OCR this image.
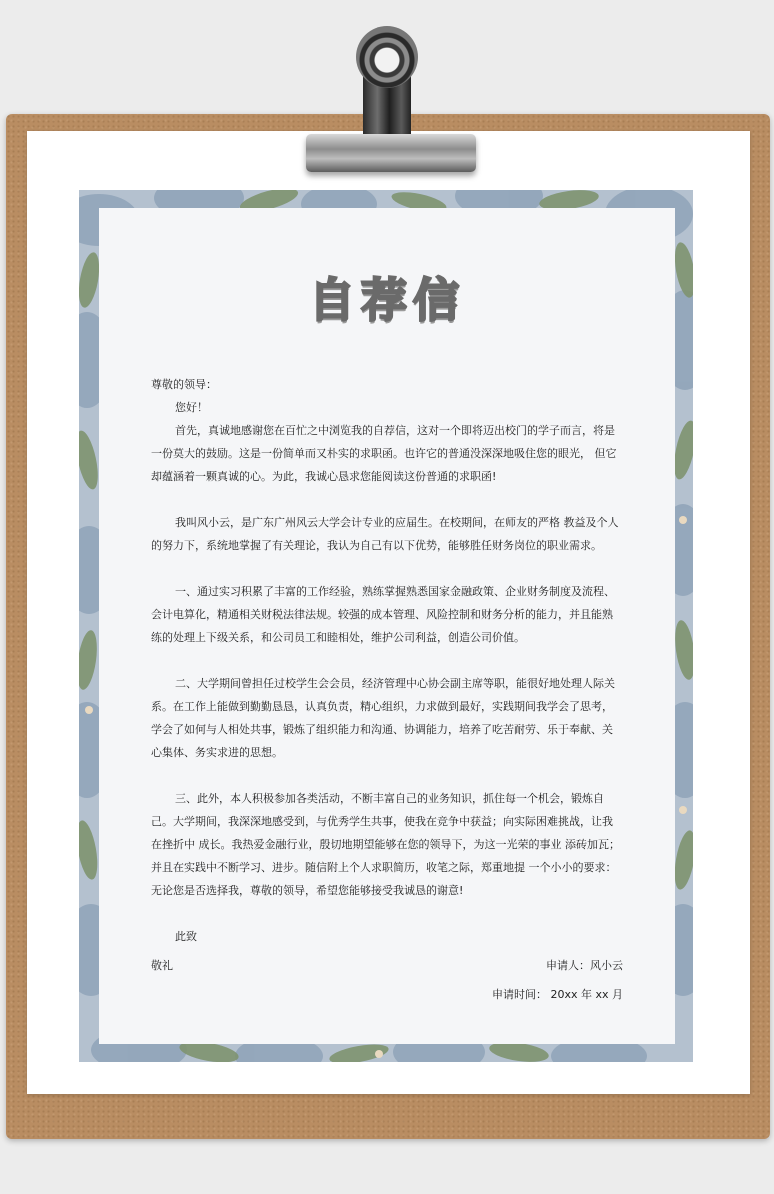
自荐信

尊敬的领导：

您好！

首先，真诚地感谢您在百忙之中浏览我的自荐信，这对一个即将迈出校门的学子而言，将是一份莫大的鼓励。这是一份简单而又朴实的求职函。也许它的普通没深深地吸住您的眼光， 但它却蕴涵着一颗真诚的心。为此，我诚心恳求您能阅读这份普通的求职函!

我叫风小云，是广东广州风云大学会计专业的应届生。在校期间，在师友的严格 教益及个人的努力下，系统地掌握了有关理论，我认为自己有以下优势，能够胜任财务岗位的职业需求。

一、通过实习积累了丰富的工作经验，熟练掌握熟悉国家金融政策、企业财务制度及流程、会计电算化，精通相关财税法律法规。较强的成本管理、风险控制和财务分析的能力，并且能熟练的处理上下级关系，和公司员工和睦相处，维护公司利益，创造公司价值。

二、大学期间曾担任过校学生会会员，经济管理中心协会副主席等职，能很好地处理人际关系。在工作上能做到勤勤恳恳，认真负责，精心组织，力求做到最好，实践期间我学会了思考，学会了如何与人相处共事，锻炼了组织能力和沟通、协调能力，培养了吃苦耐劳、乐于奉献、关心集体、务实求进的思想。

三、此外，本人积极参加各类活动，不断丰富自己的业务知识，抓住每一个机会，锻炼自己。大学期间，我深深地感受到，与优秀学生共事，使我在竞争中获益；向实际困难挑战，让我在挫折中 成长。我热爱金融行业，殷切地期望能够在您的领导下，为这一光荣的事业 添砖加瓦；并且在实践中不断学习、进步。随信附上个人求职简历，收笔之际，郑重地提 一个小小的要求：无论您是否选择我，尊敬的领导，希望您能够接受我诚恳的谢意!

此致

敬礼	申请人：风小云

申请时间： 20xx 年 xx 月
